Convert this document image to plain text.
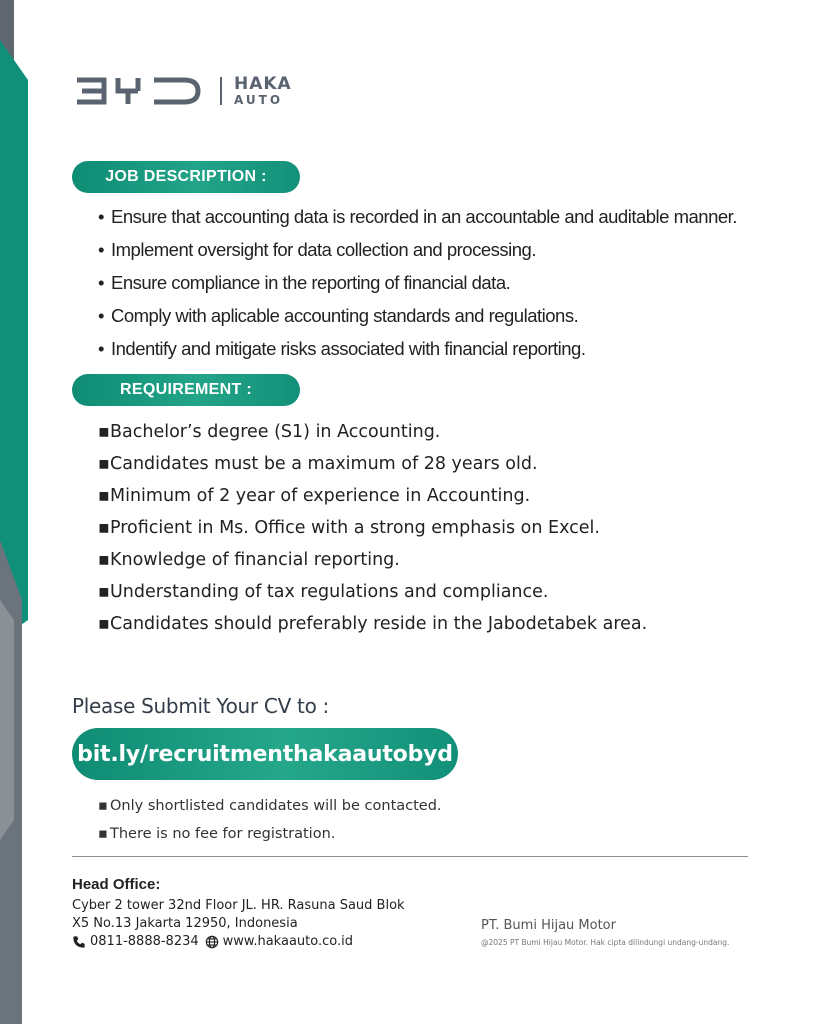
BYD
HAKA
AUTO
JOB DESCRIPTION :
• Ensure that accounting data is recorded in an accountable and auditable manner.
• Implement oversight for data collection and processing.
• Ensure compliance in the reporting of financial data.
• Comply with aplicable accounting standards and regulations.
• Indentify and mitigate risks associated with financial reporting.
REQUIREMENT :
▪Bachelor’s degree (S1) in Accounting.
▪Candidates must be a maximum of 28 years old.
▪Minimum of 2 year of experience in Accounting.
▪Proficient in Ms. Office with a strong emphasis on Excel.
▪Knowledge of financial reporting.
▪Understanding of tax regulations and compliance.
▪Candidates should preferably reside in the Jabodetabek area.
Please Submit Your CV to :
bit.ly/recruitmenthakaautobyd
▪ Only shortlisted candidates will be contacted.
▪ There is no fee for registration.
Head Office:
Cyber 2 tower 32nd Floor JL. HR. Rasuna Saud Blok
X5 No.13 Jakarta 12950, Indonesia
0811-8888-8234 www.hakaauto.co.id
PT. Bumi Hijau Motor
@2025 PT Bumi Hijau Motor. Hak cipta dilindungi undang-undang.
